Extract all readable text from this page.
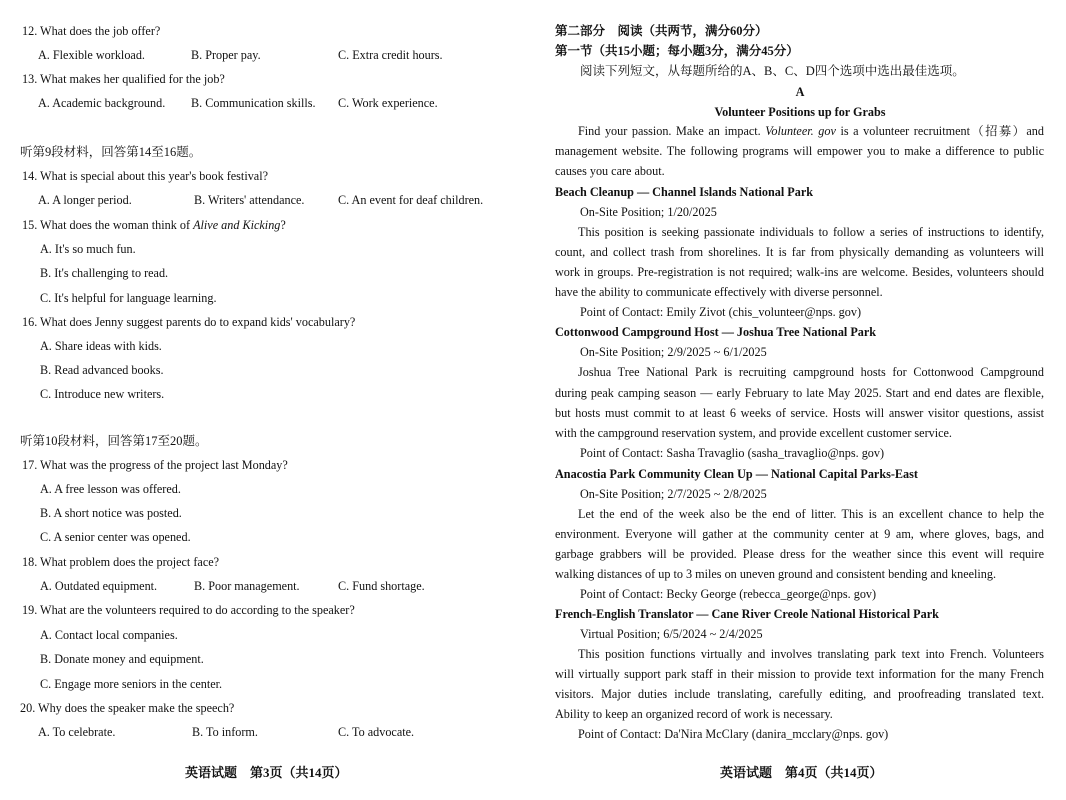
12. What does the job offer?
A. Flexible workload.	B. Proper pay.	C. Extra credit hours.
13. What makes her qualified for the job?
A. Academic background. B. Communication skills. C. Work experience.
听第9段材料，回答第14至16题。
14. What is special about this year's book festival?
A. A longer period.	B. Writers' attendance.	C. An event for deaf children.
15. What does the woman think of Alive and Kicking?
A. It's so much fun.
B. It's challenging to read.
C. It's helpful for language learning.
16. What does Jenny suggest parents do to expand kids' vocabulary?
A. Share ideas with kids.
B. Read advanced books.
C. Introduce new writers.
听第10段材料，回答第17至20题。
17. What was the progress of the project last Monday?
A. A free lesson was offered.
B. A short notice was posted.
C. A senior center was opened.
18. What problem does the project face?
A. Outdated equipment.	B. Poor management.	C. Fund shortage.
19. What are the volunteers required to do according to the speaker?
A. Contact local companies.
B. Donate money and equipment.
C. Engage more seniors in the center.
20. Why does the speaker make the speech?
A. To celebrate.	B. To inform.	C. To advocate.
英语试题　第3页（共14页）
第二部分　阅读（共两节，满分60分）
第一节（共15小题；每小题3分，满分45分）
阅读下列短文，从每题所给的A、B、C、D四个选项中选出最佳选项。
A
Volunteer Positions up for Grabs
Find your passion. Make an impact. Volunteer. gov is a volunteer recruitment（招募）and
management website. The following programs will empower you to make a difference to public
causes you care about.
Beach Cleanup — Channel Islands National Park
On-Site Position; 1/20/2025
This position is seeking passionate individuals to follow a series of instructions to identify,
count, and collect trash from shorelines. It is far from physically demanding as volunteers will
work in groups. Pre-registration is not required; walk-ins are welcome. Besides, volunteers should
have the ability to communicate effectively with diverse personnel.
Point of Contact: Emily Zivot (chis_volunteer@nps. gov)
Cottonwood Campground Host — Joshua Tree National Park
On-Site Position; 2/9/2025 ~ 6/1/2025
Joshua Tree National Park is recruiting campground hosts for Cottonwood Campground
during peak camping season — early February to late May 2025. Start and end dates are flexible,
but hosts must commit to at least 6 weeks of service. Hosts will answer visitor questions, assist
with the campground reservation system, and provide excellent customer service.
Point of Contact: Sasha Travaglio (sasha_travaglio@nps. gov)
Anacostia Park Community Clean Up — National Capital Parks-East
On-Site Position; 2/7/2025 ~ 2/8/2025
Let the end of the week also be the end of litter. This is an excellent chance to help the
environment. Everyone will gather at the community center at 9 am, where gloves, bags, and
garbage grabbers will be provided. Please dress for the weather since this event will require
walking distances of up to 3 miles on uneven ground and consistent bending and kneeling.
Point of Contact: Becky George (rebecca_george@nps. gov)
French-English Translator — Cane River Creole National Historical Park
Virtual Position; 6/5/2024 ~ 2/4/2025
This position functions virtually and involves translating park text into French. Volunteers
will virtually support park staff in their mission to provide text information for the many French
visitors. Major duties include translating, carefully editing, and proofreading translated text.
Ability to keep an organized record of work is necessary.
Point of Contact: Da'Nira McClary (danira_mcclary@nps. gov)
英语试题　第4页（共14页）
